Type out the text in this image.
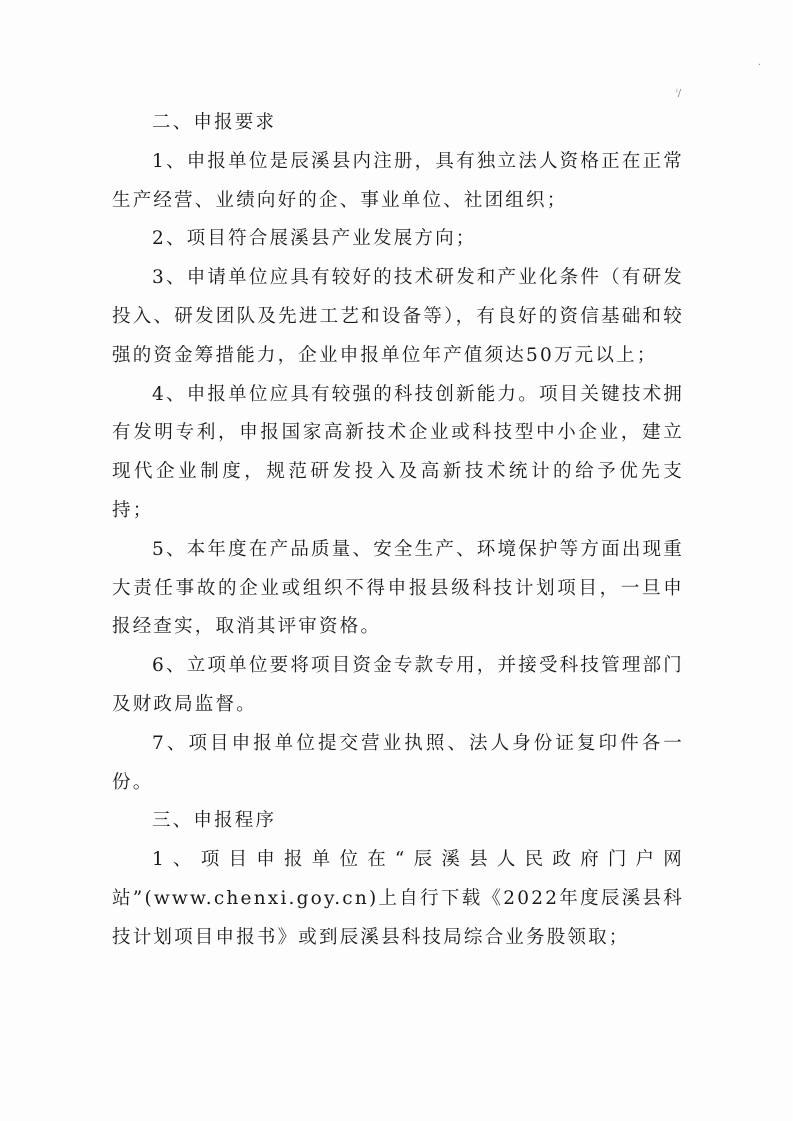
ⁱ/
·

二、申报要求

1、申报单位是辰溪县内注册，具有独立法人资格正在正常生产经营、业绩向好的企、事业单位、社团组织；

2、项目符合展溪县产业发展方向；

3、申请单位应具有较好的技术研发和产业化条件（有研发投入、研发团队及先进工艺和设备等），有良好的资信基础和较强的资金筹措能力，企业申报单位年产值须达50万元以上；

4、申报单位应具有较强的科技创新能力。项目关键技术拥有发明专利，申报国家高新技术企业或科技型中小企业，建立现代企业制度，规范研发投入及高新技术统计的给予优先支持；

5、本年度在产品质量、安全生产、环境保护等方面出现重大责任事故的企业或组织不得申报县级科技计划项目，一旦申报经查实，取消其评审资格。

6、立项单位要将项目资金专款专用，并接受科技管理部门及财政局监督。

7、项目申报单位提交营业执照、法人身份证复印件各一份。

三、申报程序

1、项目申报单位在“辰溪县人民政府门户网站”(www.chenxi.goy.cn)上自行下载《2022年度辰溪县科技计划项目申报书》或到辰溪县科技局综合业务股领取；
